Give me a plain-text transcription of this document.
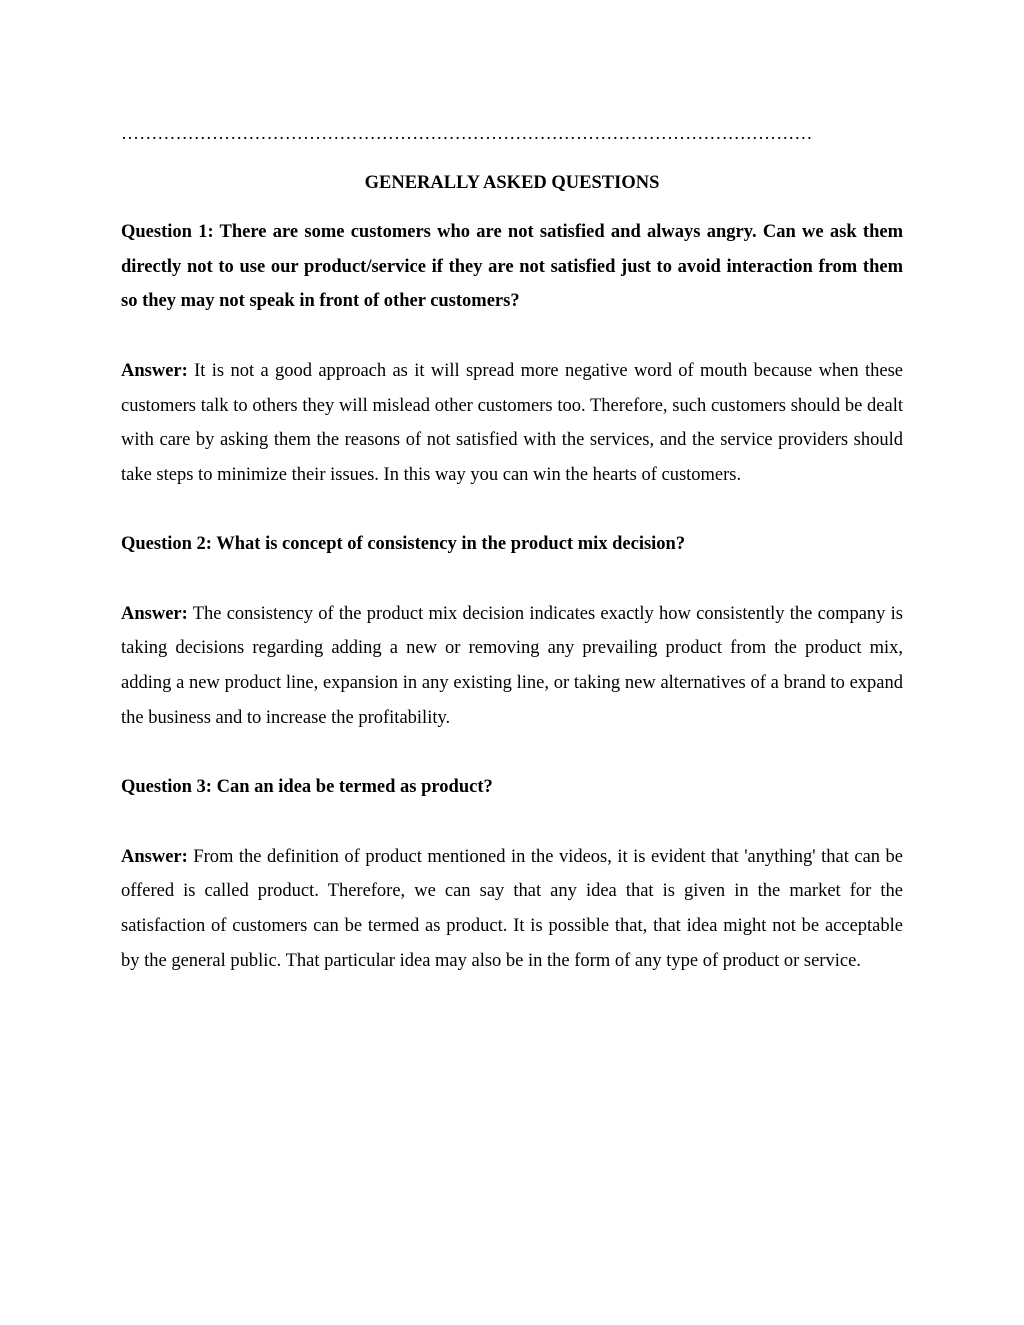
……………………………………………………………………………………………………

GENERALLY ASKED QUESTIONS

Question 1: There are some customers who are not satisfied and always angry. Can we ask them directly not to use our product/service if they are not satisfied just to avoid interaction from them so they may not speak in front of other customers?

Answer: It is not a good approach as it will spread more negative word of mouth because when these customers talk to others they will mislead other customers too. Therefore, such customers should be dealt with care by asking them the reasons of not satisfied with the services, and the service providers should take steps to minimize their issues. In this way you can win the hearts of customers.

Question 2: What is concept of consistency in the product mix decision?

Answer: The consistency of the product mix decision indicates exactly how consistently the company is taking decisions regarding adding a new or removing any prevailing product from the product mix, adding a new product line, expansion in any existing line, or taking new alternatives of a brand to expand the business and to increase the profitability.

Question 3: Can an idea be termed as product?

Answer: From the definition of product mentioned in the videos, it is evident that 'anything' that can be offered is called product. Therefore, we can say that any idea that is given in the market for the satisfaction of customers can be termed as product. It is possible that, that idea might not be acceptable by the general public. That particular idea may also be in the form of any type of product or service.
